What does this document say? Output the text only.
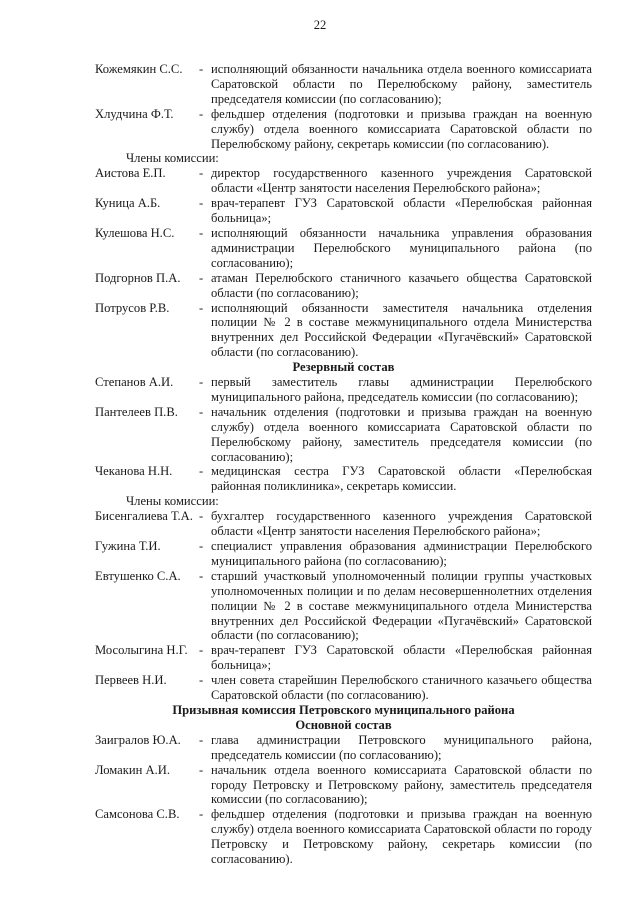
22
Кожемякин С.С.	- исполняющий обязанности начальника отдела военного комиссариата Саратовской области по Перелюбскому району, заместитель председателя комиссии (по согласованию);
Хлудчина Ф.Т.	- фельдшер отделения (подготовки и призыва граждан на военную службу) отдела военного комиссариата Саратовской области по Перелюбскому району, секретарь комиссии (по согласованию).
Члены комиссии:
Аистова Е.П.	- директор государственного казенного учреждения Саратовской области «Центр занятости населения Перелюбского района»;
Куница А.Б.	- врач-терапевт ГУЗ Саратовской области «Перелюбская районная больница»;
Кулешова Н.С.	- исполняющий обязанности начальника управления образования администрации Перелюбского муниципального района (по согласованию);
Подгорнов П.А.	- атаман Перелюбского станичного казачьего общества Саратовской области (по согласованию);
Потрусов Р.В.	- исполняющий обязанности заместителя начальника отделения полиции № 2 в составе межмуниципального отдела Министерства внутренних дел Российской Федерации «Пугачёвский» Саратовской области (по согласованию).
Резервный состав
Степанов А.И.	- первый заместитель главы администрации Перелюбского муниципального района, председатель комиссии (по согласованию);
Пантелеев П.В.	- начальник отделения (подготовки и призыва граждан на военную службу) отдела военного комиссариата Саратовской области по Перелюбскому району, заместитель председателя комиссии (по согласованию);
Чеканова Н.Н.	- медицинская сестра ГУЗ Саратовской области «Перелюбская районная поликлиника», секретарь комиссии.
Члены комиссии:
Бисенгалиева Т.А. - бухгалтер государственного казенного учреждения Саратовской области «Центр занятости населения Перелюбского района»;
Гужина Т.И.	- специалист управления образования администрации Перелюбского муниципального района (по согласованию);
Евтушенко С.А.	- старший участковый уполномоченный полиции группы участковых уполномоченных полиции и по делам несовершеннолетних отделения полиции № 2 в составе межмуниципального отдела Министерства внутренних дел Российской Федерации «Пугачёвский» Саратовской области (по согласованию);
Мосолыгина Н.Г. - врач-терапевт ГУЗ Саратовской области «Перелюбская районная больница»;
Первеев Н.И.	- член совета старейшин Перелюбского станичного казачьего общества Саратовской области (по согласованию).
Призывная комиссия Петровского муниципального района
Основной состав
Заигралов Ю.А.	- глава администрации Петровского муниципального района, председатель комиссии (по согласованию);
Ломакин А.И.	- начальник отдела военного комиссариата Саратовской области по городу Петровску и Петровскому району, заместитель председателя комиссии (по согласованию);
Самсонова С.В.	- фельдшер отделения (подготовки и призыва граждан на военную службу) отдела военного комиссариата Саратовской области по городу Петровску и Петровскому району, секретарь комиссии (по согласованию).
